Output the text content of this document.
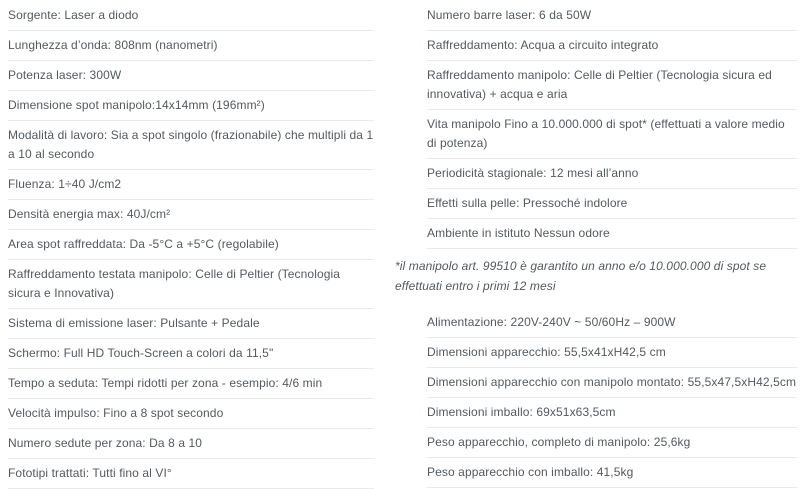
Sorgente: Laser a diodo
Lunghezza d’onda: 808nm (nanometri)
Potenza laser: 300W
Dimensione spot manipolo:14x14mm (196mm²)
Modalità di lavoro: Sia a spot singolo (frazionabile) che multipli da 1 a 10 al secondo
Fluenza: 1÷40 J/cm2
Densità energia max: 40J/cm²
Area spot raffreddata: Da -5°C a +5°C (regolabile)
Raffreddamento testata manipolo: Celle di Peltier (Tecnologia sicura e Innovativa)
Sistema di emissione laser: Pulsante + Pedale
Schermo: Full HD Touch-Screen a colori da 11,5"
Tempo a seduta: Tempi ridotti per zona - esempio: 4/6 min
Velocità impulso: Fino a 8 spot secondo
Numero sedute per zona: Da 8 a 10
Fototipi trattati: Tutti fino al VI°
Numero barre laser: 6 da 50W
Raffreddamento: Acqua a circuito integrato
Raffreddamento manipolo: Celle di Peltier (Tecnologia sicura ed innovativa) + acqua e aria
Vita manipolo Fino a 10.000.000 di spot* (effettuati a valore medio di potenza)
Periodicità stagionale: 12 mesi all’anno
Effetti sulla pelle: Pressoché indolore
Ambiente in istituto Nessun odore

*il manipolo art. 99510 è garantito un anno e/o 10.000.000 di spot se effettuati entro i primi 12 mesi

Alimentazione: 220V-240V ~ 50/60Hz – 900W
Dimensioni apparecchio: 55,5x41xH42,5 cm
Dimensioni apparecchio con manipolo montato: 55,5x47,5xH42,5cm
Dimensioni imballo: 69x51x63,5cm
Peso apparecchio, completo di manipolo: 25,6kg
Peso apparecchio con imballo: 41,5kg
